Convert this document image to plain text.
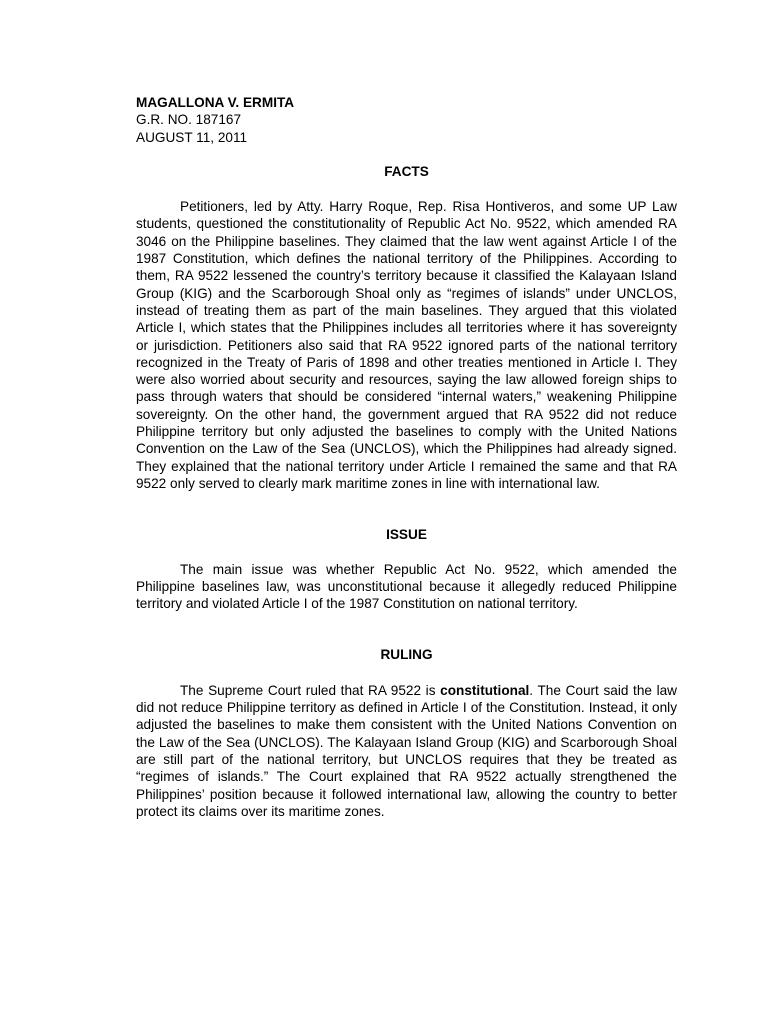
MAGALLONA V. ERMITA
G.R. NO. 187167
AUGUST 11, 2011
FACTS

Petitioners, led by Atty. Harry Roque, Rep. Risa Hontiveros, and some UP Law students, questioned the constitutionality of Republic Act No. 9522, which amended RA 3046 on the Philippine baselines. They claimed that the law went against Article I of the 1987 Constitution, which defines the national territory of the Philippines. According to them, RA 9522 lessened the country’s territory because it classified the Kalayaan Island Group (KIG) and the Scarborough Shoal only as “regimes of islands” under UNCLOS, instead of treating them as part of the main baselines. They argued that this violated Article I, which states that the Philippines includes all territories where it has sovereignty or jurisdiction. Petitioners also said that RA 9522 ignored parts of the national territory recognized in the Treaty of Paris of 1898 and other treaties mentioned in Article I. They were also worried about security and resources, saying the law allowed foreign ships to pass through waters that should be considered “internal waters,” weakening Philippine sovereignty. On the other hand, the government argued that RA 9522 did not reduce Philippine territory but only adjusted the baselines to comply with the United Nations Convention on the Law of the Sea (UNCLOS), which the Philippines had already signed. They explained that the national territory under Article I remained the same and that RA 9522 only served to clearly mark maritime zones in line with international law.

ISSUE

The main issue was whether Republic Act No. 9522, which amended the Philippine baselines law, was unconstitutional because it allegedly reduced Philippine territory and violated Article I of the 1987 Constitution on national territory.

RULING

The Supreme Court ruled that RA 9522 is constitutional. The Court said the law did not reduce Philippine territory as defined in Article I of the Constitution. Instead, it only adjusted the baselines to make them consistent with the United Nations Convention on the Law of the Sea (UNCLOS). The Kalayaan Island Group (KIG) and Scarborough Shoal are still part of the national territory, but UNCLOS requires that they be treated as “regimes of islands.” The Court explained that RA 9522 actually strengthened the Philippines’ position because it followed international law, allowing the country to better protect its claims over its maritime zones.
